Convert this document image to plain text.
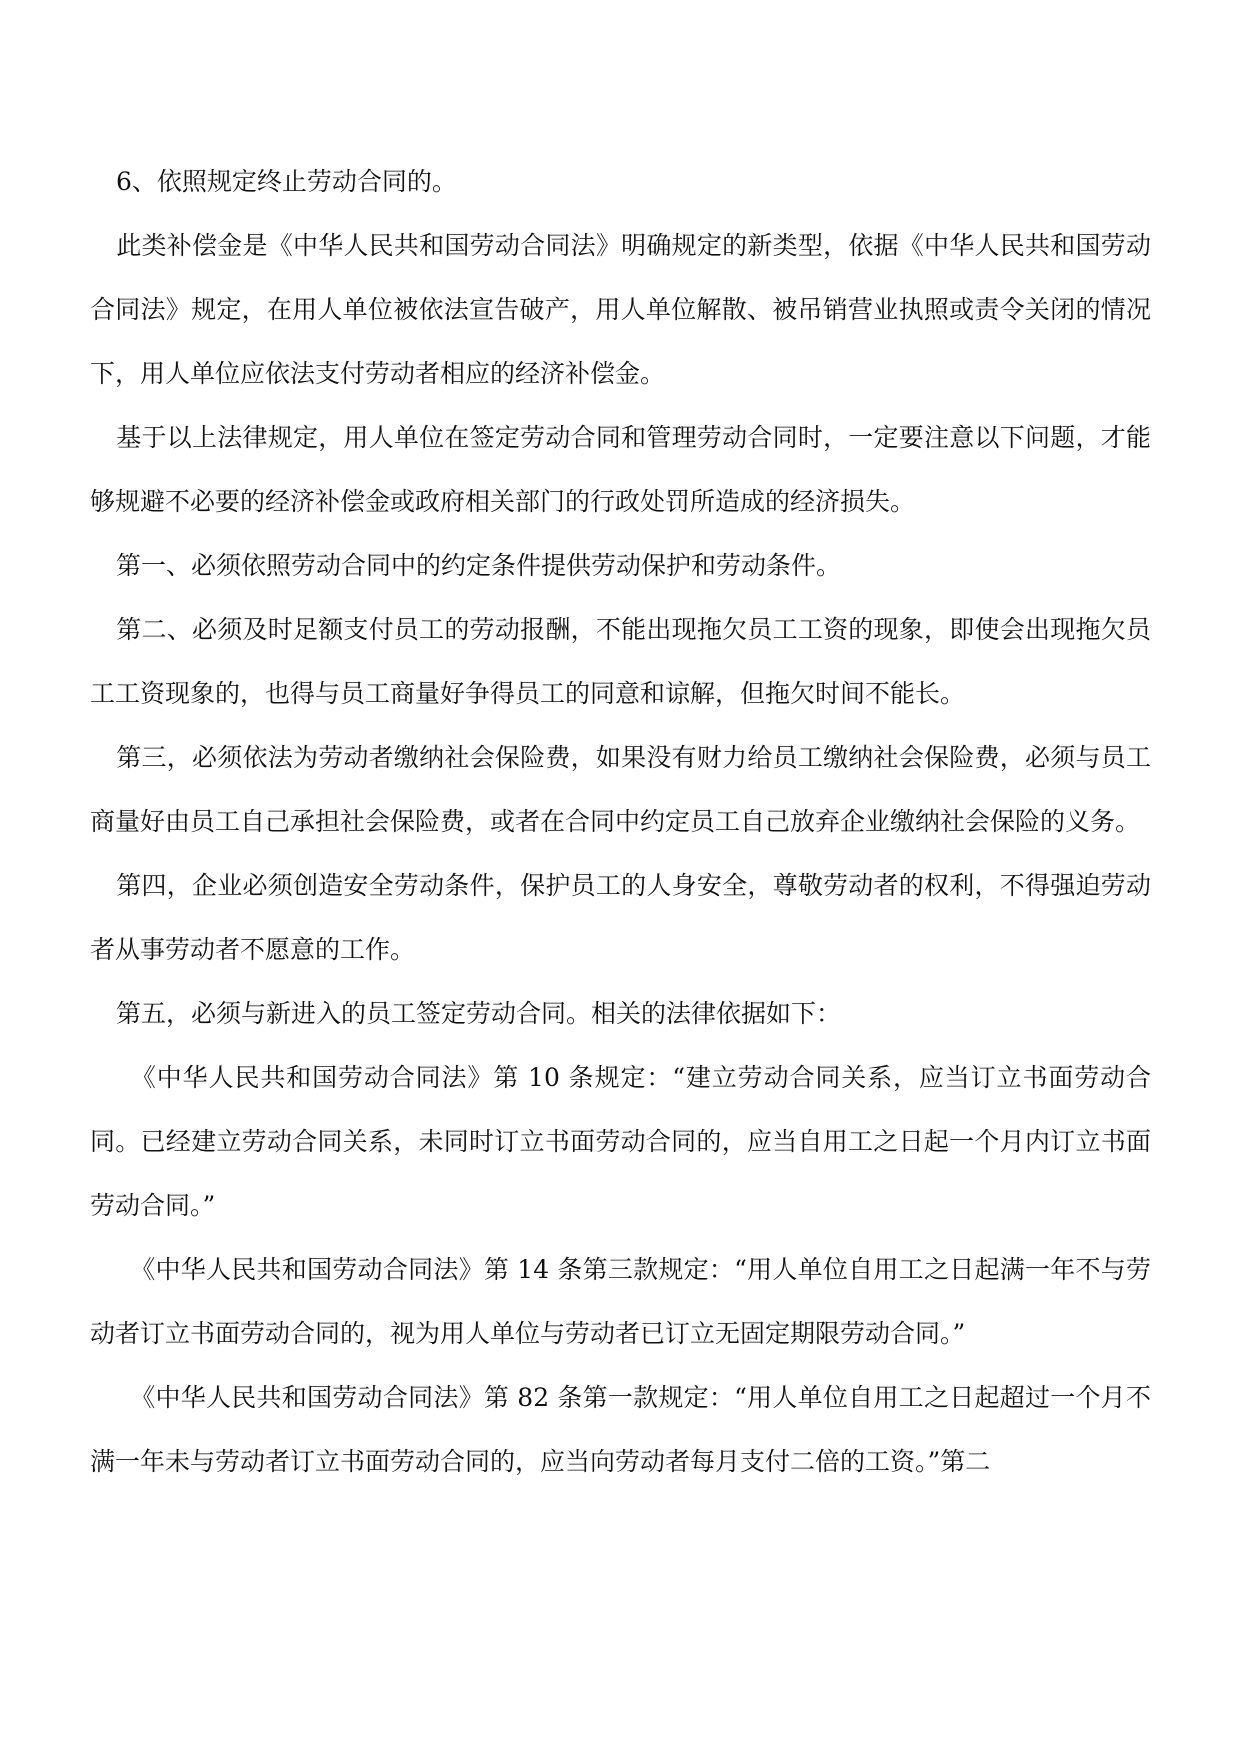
6、依照规定终止劳动合同的。

此类补偿金是《中华人民共和国劳动合同法》明确规定的新类型，依据《中华人民共和国劳动合同法》规定，在用人单位被依法宣告破产，用人单位解散、被吊销营业执照或责令关闭的情况下，用人单位应依法支付劳动者相应的经济补偿金。

基于以上法律规定，用人单位在签定劳动合同和管理劳动合同时，一定要注意以下问题，才能够规避不必要的经济补偿金或政府相关部门的行政处罚所造成的经济损失。

第一、必须依照劳动合同中的约定条件提供劳动保护和劳动条件。

第二、必须及时足额支付员工的劳动报酬，不能出现拖欠员工工资的现象，即使会出现拖欠员工工资现象的，也得与员工商量好争得员工的同意和谅解，但拖欠时间不能长。

第三，必须依法为劳动者缴纳社会保险费，如果没有财力给员工缴纳社会保险费，必须与员工商量好由员工自己承担社会保险费，或者在合同中约定员工自己放弃企业缴纳社会保险的义务。

第四，企业必须创造安全劳动条件，保护员工的人身安全，尊敬劳动者的权利，不得强迫劳动者从事劳动者不愿意的工作。

第五，必须与新进入的员工签定劳动合同。相关的法律依据如下：

《中华人民共和国劳动合同法》第 10 条规定：“建立劳动合同关系，应当订立书面劳动合同。已经建立劳动合同关系，未同时订立书面劳动合同的，应当自用工之日起一个月内订立书面劳动合同。”

《中华人民共和国劳动合同法》第 14 条第三款规定：“用人单位自用工之日起满一年不与劳动者订立书面劳动合同的，视为用人单位与劳动者已订立无固定期限劳动合同。”

《中华人民共和国劳动合同法》第 82 条第一款规定：“用人单位自用工之日起超过一个月不满一年未与劳动者订立书面劳动合同的，应当向劳动者每月支付二倍的工资。”第二
